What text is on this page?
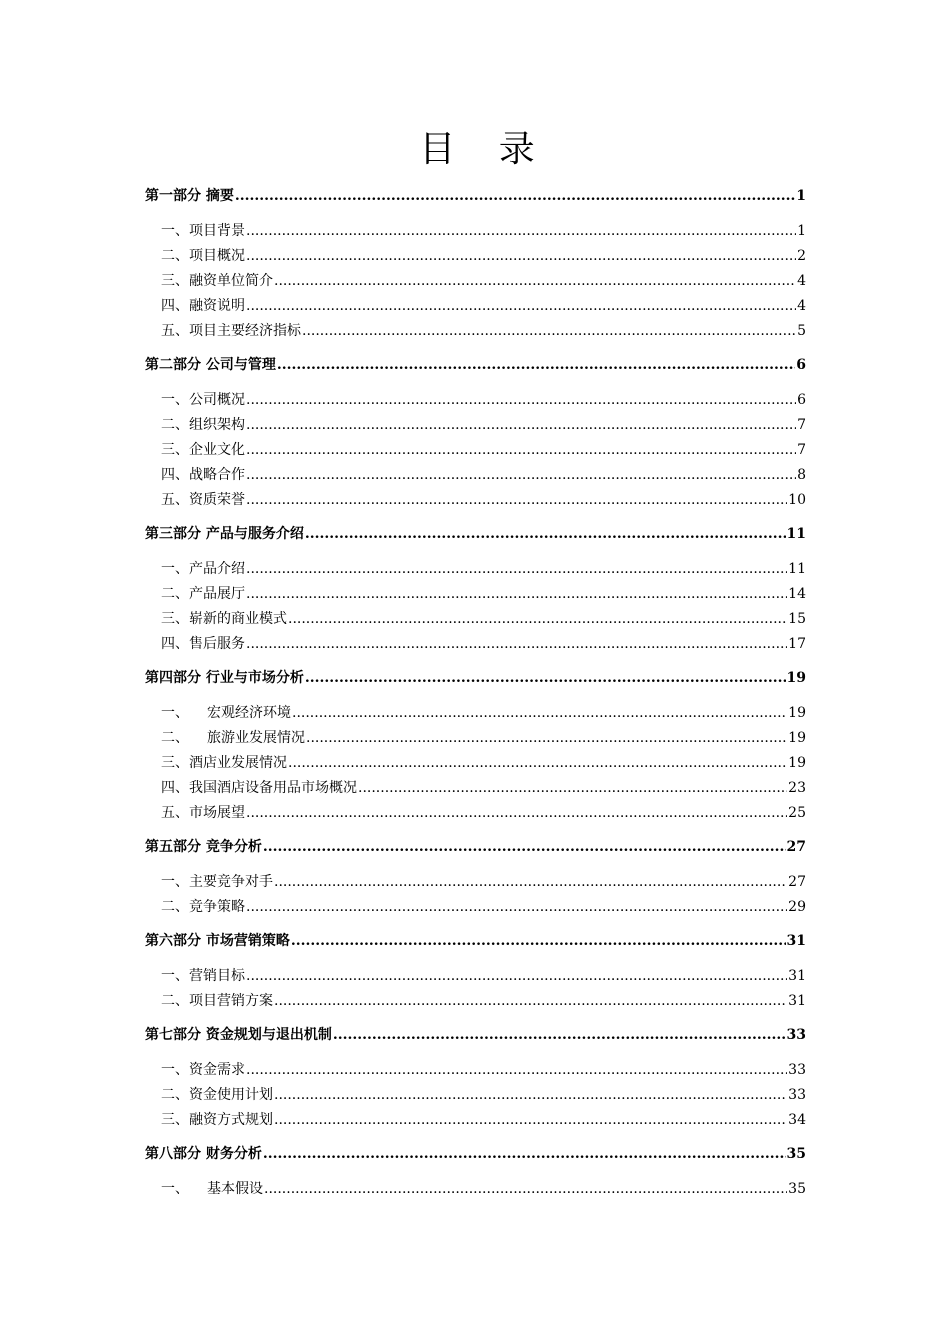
目 录
第一部分 摘要 .....	1
一、项目背景 .....	1
二、项目概况 .....	2
三、融资单位简介 .....	4
四、融资说明 .....	4
五、项目主要经济指标 .....	5
第二部分 公司与管理 .....	6
一、公司概况 .....	6
二、组织架构 .....	7
三、企业文化 .....	7
四、战略合作 .....	8
五、资质荣誉 .....	10
第三部分 产品与服务介绍 .....	11
一、产品介绍 .....	11
二、产品展厅 .....	14
三、崭新的商业模式 .....	15
四、售后服务 .....	17
第四部分 行业与市场分析 .....	19
一、 宏观经济环境 .....	19
二、 旅游业发展情况 .....	19
三、酒店业发展情况 .....	19
四、我国酒店设备用品市场概况 .....	23
五、市场展望 .....	25
第五部分 竞争分析 .....	27
一、主要竞争对手 .....	27
二、竞争策略 .....	29
第六部分 市场营销策略 .....	31
一、营销目标 .....	31
二、项目营销方案 .....	31
第七部分 资金规划与退出机制 .....	33
一、资金需求 .....	33
二、资金使用计划 .....	33
三、融资方式规划 .....	34
第八部分 财务分析 .....	35
一、 基本假设 .....	35
